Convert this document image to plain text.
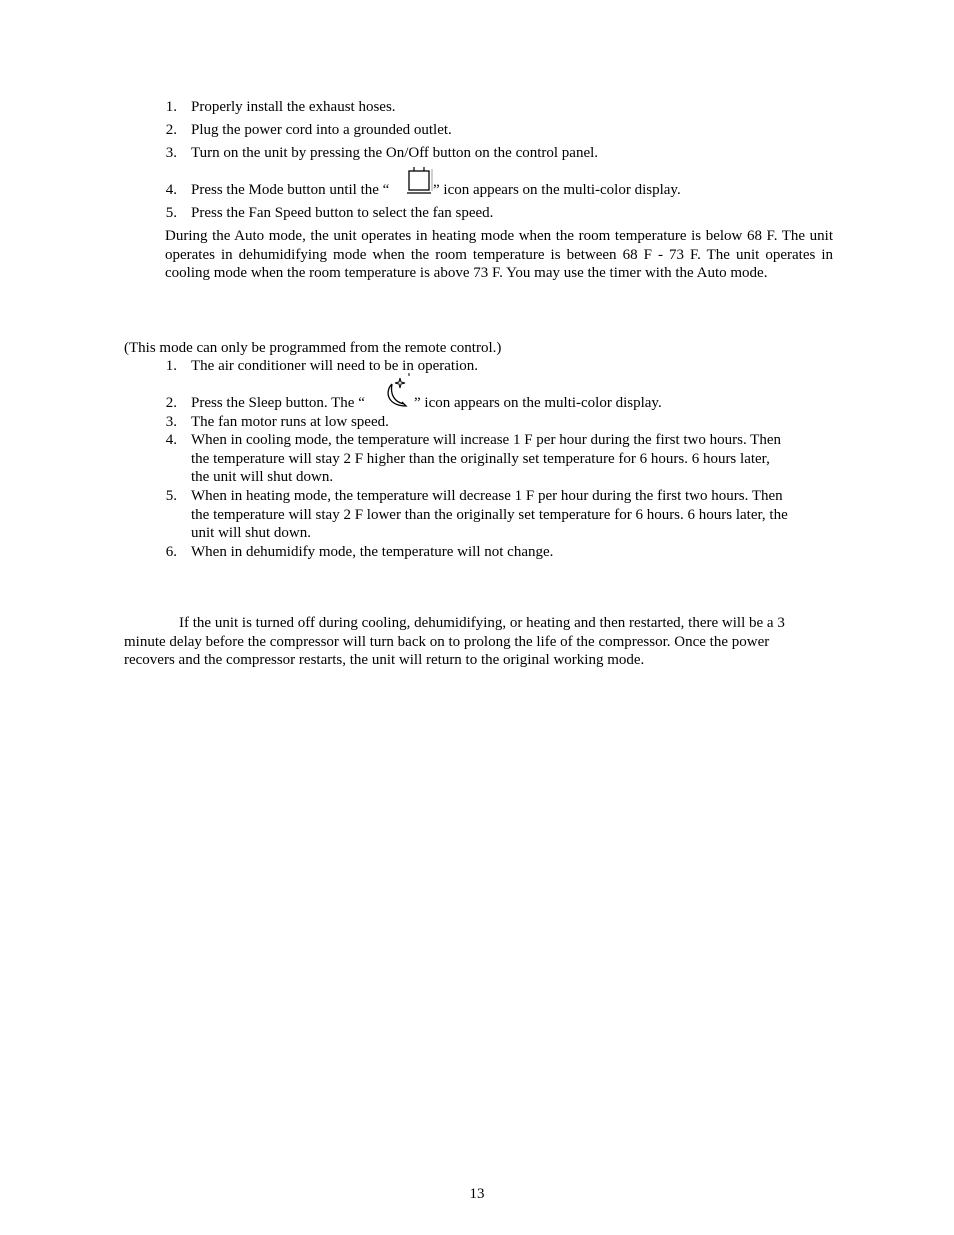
1. Properly install the exhaust hoses.
2. Plug the power cord into a grounded outlet.
3. Turn on the unit by pressing the On/Off button on the control panel.
4. Press the Mode button until the “	” icon appears on the multi-color display.
5. Press the Fan Speed button to select the fan speed.
During the Auto mode, the unit operates in heating mode when the room temperature is below 68 F. The unit operates in dehumidifying mode when the room temperature is between 68 F - 73 F. The unit operates in cooling mode when the room temperature is above 73 F. You may use the timer with the Auto mode.
(This mode can only be programmed from the remote control.)
1. The air conditioner will need to be in operation.
2. Press the Sleep button. The “	” icon appears on the multi-color display.
3. The fan motor runs at low speed.
4. When in cooling mode, the temperature will increase 1 F per hour during the first two hours. Then
the temperature will stay 2 F higher than the originally set temperature for 6 hours. 6 hours later,
the unit will shut down.
5. When in heating mode, the temperature will decrease 1 F per hour during the first two hours. Then
the temperature will stay 2 F lower than the originally set temperature for 6 hours. 6 hours later, the
unit will shut down.
6. When in dehumidify mode, the temperature will not change.
If the unit is turned off during cooling, dehumidifying, or heating and then restarted, there will be a 3
minute delay before the compressor will turn back on to prolong the life of the compressor. Once the power
recovers and the compressor restarts, the unit will return to the original working mode.
13
